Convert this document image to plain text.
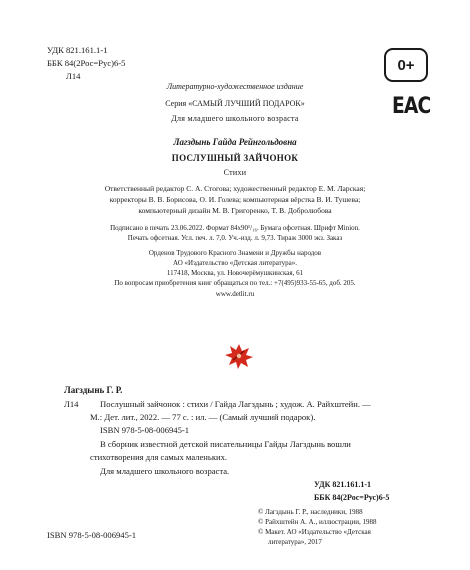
УДК 821.161.1-1
ББК 84(2Рос=Рус)6-5
Л14
0+
ЕАС
Литературно-художественное издание
Серия «САМЫЙ ЛУЧШИЙ ПОДАРОК»
Для младшего школьного возраста
Лагздынь Гайда Рейнгольдовна
ПОСЛУШНЫЙ ЗАЙЧОНОК
Стихи
Ответственный редактор С. А. Стогова; художественный редактор Е. М. Ларская;
корректоры В. В. Борисова, О. И. Голева; компьютерная вёрстка В. И. Тушева;
компьютерный дизайн М. В. Григоренко, Т. В. Добролюбова
Подписано в печать 23.06.2022. Формат 84x90¹/₁₆. Бумага офсетная. Шрифт Minion.
Печать офсетная. Усл. печ. л. 7,0. Уч.-изд. л. 9,73. Тираж 3000 экз. Заказ
Орденов Трудового Красного Знамени и Дружбы народов
АО «Издательство «Детская литература».
117418, Москва, ул. Новочерёмушкинская, 61
По вопросам приобретения книг обращаться по тел.: +7(495)933-55-65, доб. 205.
www.detlit.ru
Лагздынь Г. Р.
Л14	Послушный зайчонок : стихи / Гайда Лагздынь ; худож. А. Райхштейн. —
М.: Дет. лит., 2022. — 77 с. : ил. — (Самый лучший подарок).
ISBN 978-5-08-006945-1
В сборник известной детской писательницы Гайды Лагздынь вошли
стихотворения для самых маленьких.
Для младшего школьного возраста.
УДК 821.161.1-1
ББК 84(2Рос=Рус)6-5
© Лагздынь Г. Р., наследники, 1988
© Райхштейн А. А., иллюстрации, 1988
© Макет. АО «Издательство «Детская
литература», 2017
ISBN 978-5-08-006945-1
